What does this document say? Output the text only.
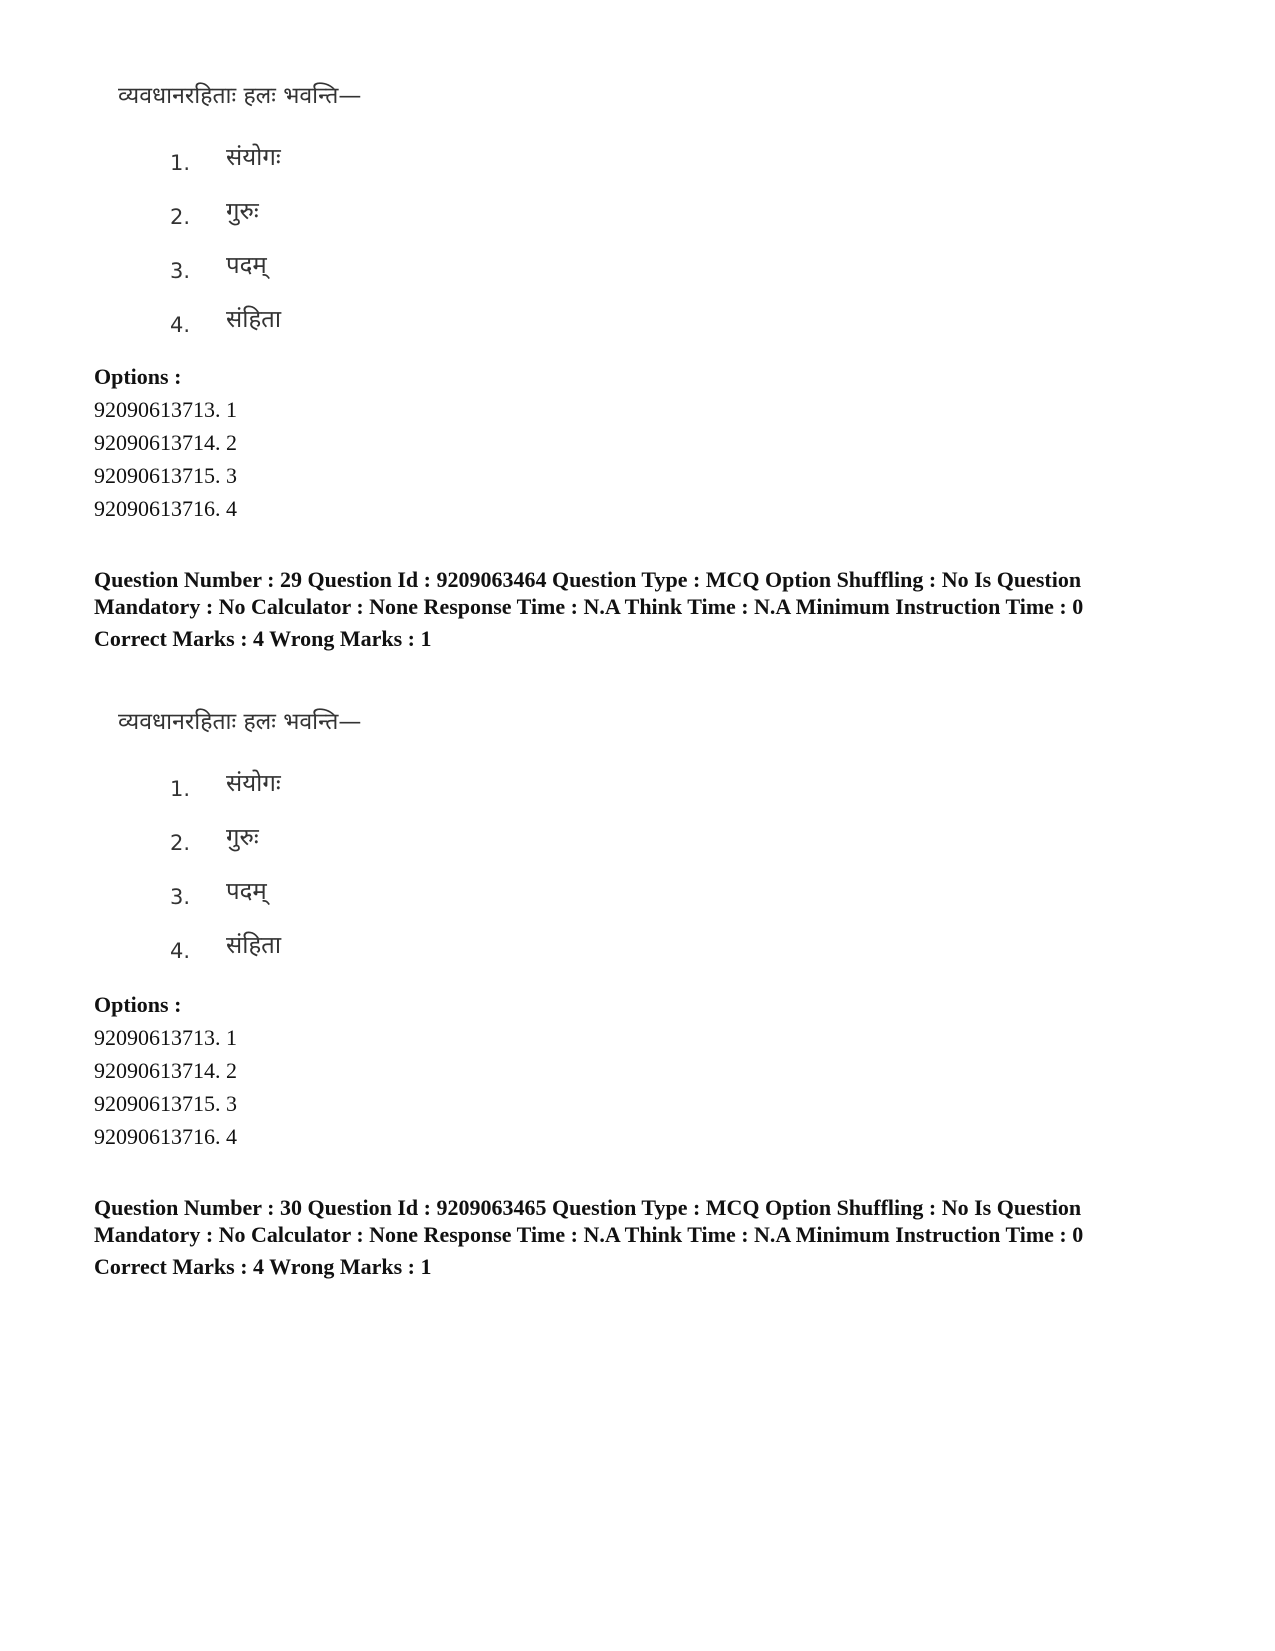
व्यवधानरहिताः हलः भवन्ति—
1. संयोगः
2. गुरुः
3. पदम्
4. संहिता
Options :
92090613713. 1
92090613714. 2
92090613715. 3
92090613716. 4
Question Number : 29 Question Id : 9209063464 Question Type : MCQ Option Shuffling : No Is Question Mandatory : No Calculator : None Response Time : N.A Think Time : N.A Minimum Instruction Time : 0
Correct Marks : 4 Wrong Marks : 1
व्यवधानरहिताः हलः भवन्ति—
1. संयोगः
2. गुरुः
3. पदम्
4. संहिता
Options :
92090613713. 1
92090613714. 2
92090613715. 3
92090613716. 4
Question Number : 30 Question Id : 9209063465 Question Type : MCQ Option Shuffling : No Is Question Mandatory : No Calculator : None Response Time : N.A Think Time : N.A Minimum Instruction Time : 0
Correct Marks : 4 Wrong Marks : 1
